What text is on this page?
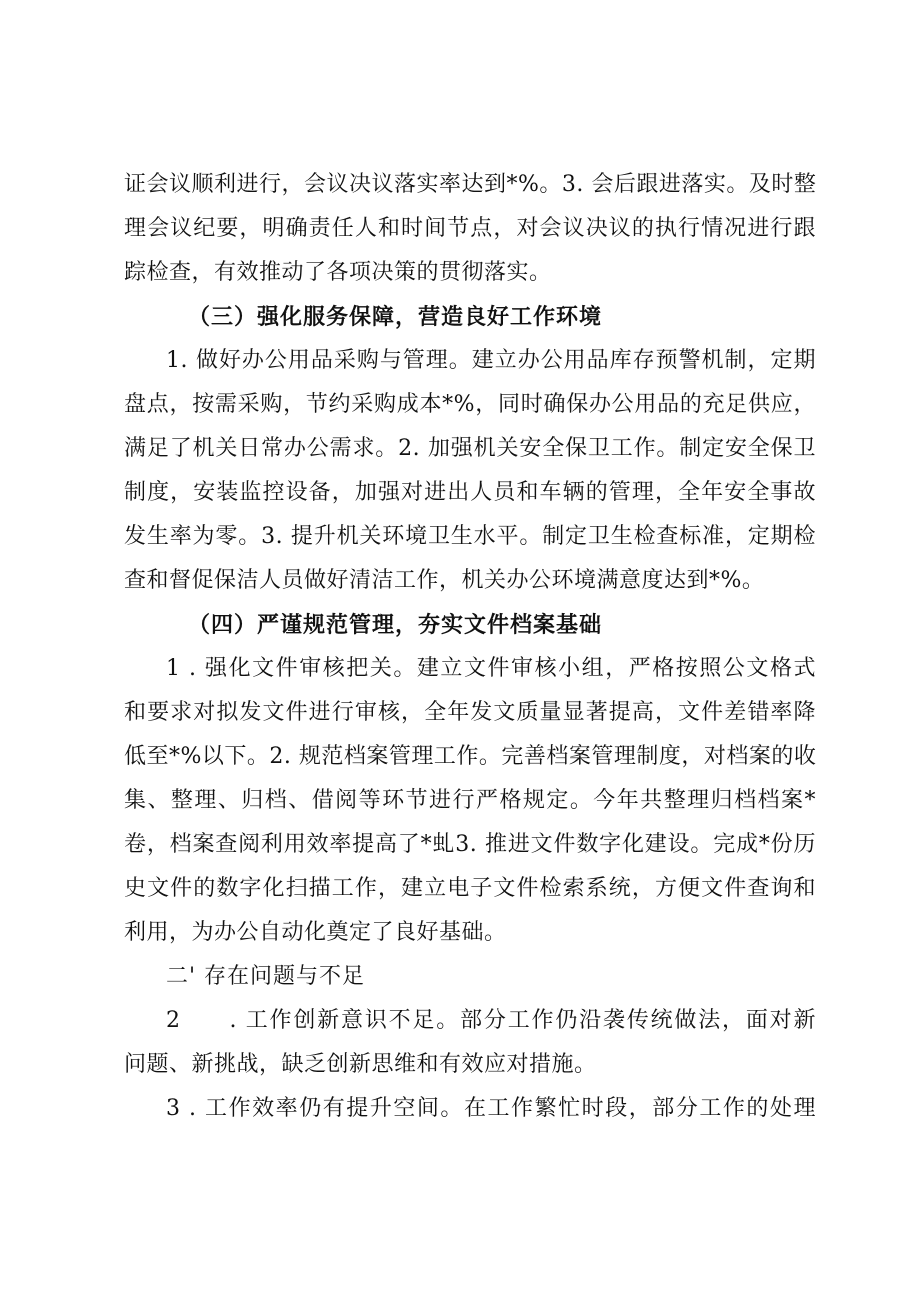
证会议顺利进行，会议决议落实率达到*%。3. 会后跟进落实。及时整
理会议纪要，明确责任人和时间节点，对会议决议的执行情况进行跟
踪检查，有效推动了各项决策的贯彻落实。
（三）强化服务保障，营造良好工作环境
1. 做好办公用品采购与管理。建立办公用品库存预警机制，定期
盘点，按需采购，节约采购成本*%，同时确保办公用品的充足供应，
满足了机关日常办公需求。2. 加强机关安全保卫工作。制定安全保卫
制度，安装监控设备，加强对进出人员和车辆的管理，全年安全事故
发生率为零。3. 提升机关环境卫生水平。制定卫生检查标准，定期检
查和督促保洁人员做好清洁工作，机关办公环境满意度达到*%。
（四）严谨规范管理，夯实文件档案基础
1 . 强化文件审核把关。建立文件审核小组，严格按照公文格式
和要求对拟发文件进行审核，全年发文质量显著提高，文件差错率降
低至*%以下。2. 规范档案管理工作。完善档案管理制度，对档案的收
集、整理、归档、借阅等环节进行严格规定。今年共整理归档档案*
卷，档案查阅利用效率提高了*虬3. 推进文件数字化建设。完成*份历
史文件的数字化扫描工作，建立电子文件检索系统，方便文件查询和
利用，为办公自动化奠定了良好基础。
二' 存在问题与不足
2　　. 工作创新意识不足。部分工作仍沿袭传统做法，面对新
问题、新挑战，缺乏创新思维和有效应对措施。
3 . 工作效率仍有提升空间。在工作繁忙时段，部分工作的处理
